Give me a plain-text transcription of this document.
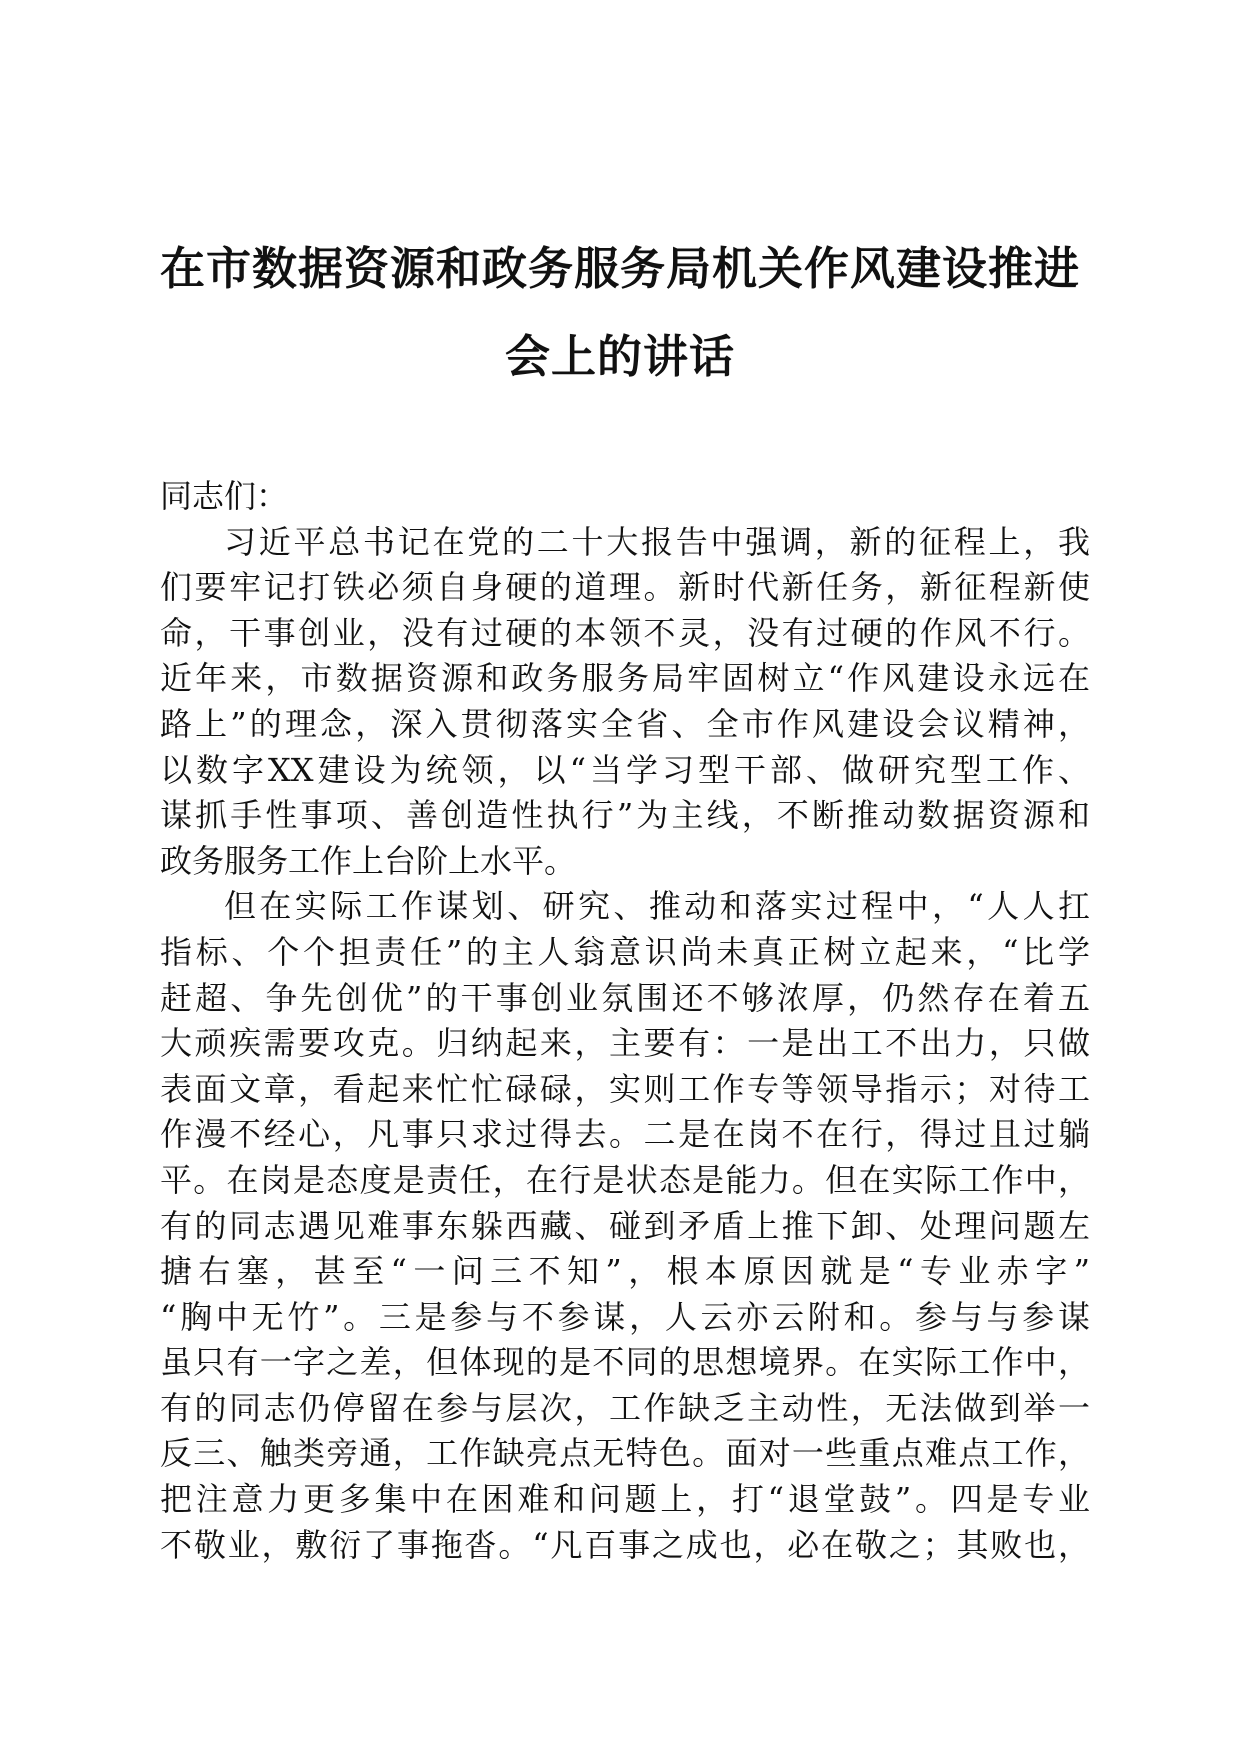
在市数据资源和政务服务局机关作风建设推进
会上的讲话
同志们：
习近平总书记在党的二十大报告中强调，新的征程上，我
们要牢记打铁必须自身硬的道理。新时代新任务，新征程新使
命，干事创业，没有过硬的本领不灵，没有过硬的作风不行。
近年来，市数据资源和政务服务局牢固树立“作风建设永远在
路上”的理念，深入贯彻落实全省、全市作风建设会议精神，
以数字XX建设为统领，以“当学习型干部、做研究型工作、
谋抓手性事项、善创造性执行”为主线，不断推动数据资源和
政务服务工作上台阶上水平。
但在实际工作谋划、研究、推动和落实过程中，“人人扛
指标、个个担责任”的主人翁意识尚未真正树立起来，“比学
赶超、争先创优”的干事创业氛围还不够浓厚，仍然存在着五
大顽疾需要攻克。归纳起来，主要有：一是出工不出力，只做
表面文章，看起来忙忙碌碌，实则工作专等领导指示；对待工
作漫不经心，凡事只求过得去。二是在岗不在行，得过且过躺
平。在岗是态度是责任，在行是状态是能力。但在实际工作中，
有的同志遇见难事东躲西藏、碰到矛盾上推下卸、处理问题左
搪右塞，甚至“一问三不知”，根本原因就是“专业赤字”
“胸中无竹”。三是参与不参谋，人云亦云附和。参与与参谋
虽只有一字之差，但体现的是不同的思想境界。在实际工作中，
有的同志仍停留在参与层次，工作缺乏主动性，无法做到举一
反三、触类旁通，工作缺亮点无特色。面对一些重点难点工作，
把注意力更多集中在困难和问题上，打“退堂鼓”。四是专业
不敬业，敷衍了事拖沓。“凡百事之成也，必在敬之；其败也，
